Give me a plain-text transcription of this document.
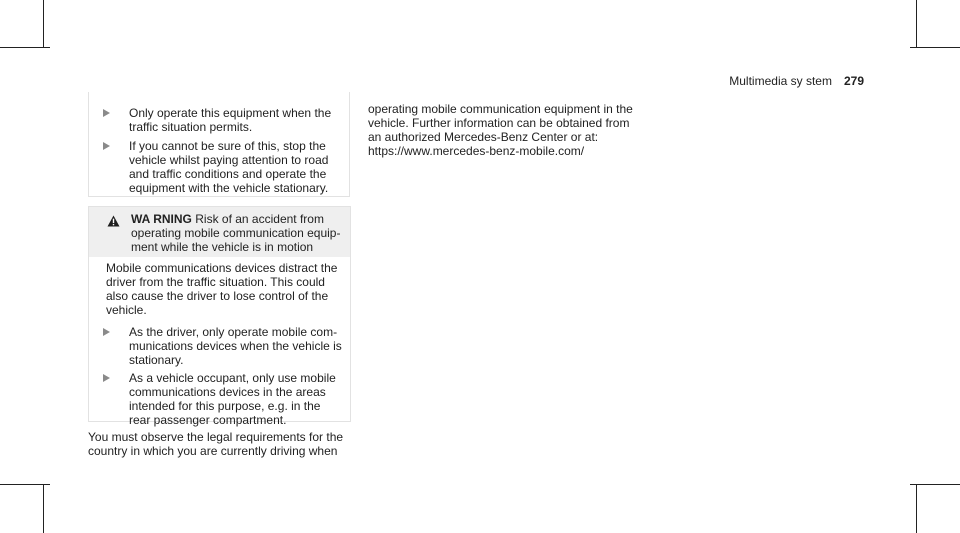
Multimedia sy stem 279
Only operate this equipment when the traffic situation permits.
If you cannot be sure of this, stop the vehicle whilst paying attention to road and traffic conditions and operate the equipment with the vehicle stationary.
WA RNING Risk of an accident from operating mobile communication equip- ment while the vehicle is in motion
Mobile communications devices distract the driver from the traffic situation. This could also cause the driver to lose control of the vehicle.
As the driver, only operate mobile com- munications devices when the vehicle is stationary.
As a vehicle occupant, only use mobile communications devices in the areas intended for this purpose, e.g. in the rear passenger compartment.
You must observe the legal requirements for the country in which you are currently driving when
operating mobile communication equipment in the vehicle. Further information can be obtained from an authorized Mercedes-Benz Center or at: https://www.mercedes-benz-mobile.com/
